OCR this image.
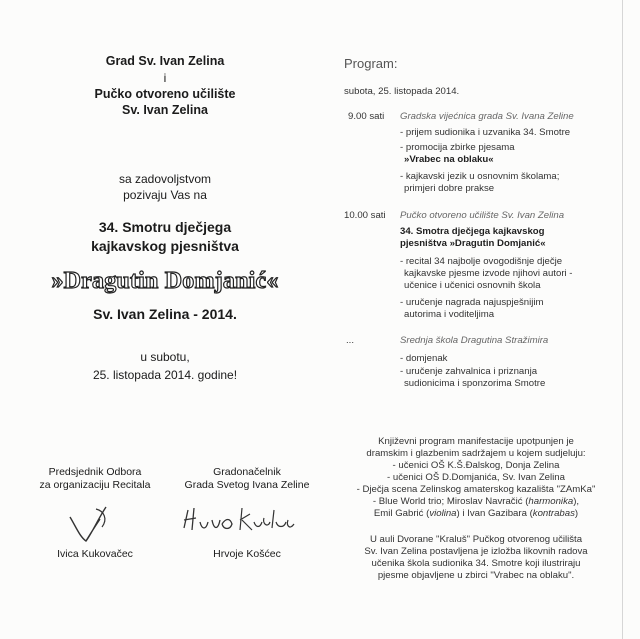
Grad Sv. Ivan Zelina
i
Pučko otvoreno učilište
Sv. Ivan Zelina
sa zadovoljstvom
pozivaju Vas na
34. Smotru dječjega
kajkavskog pjesništva
»Dragutin Domjanić«
Sv. Ivan Zelina - 2014.
u subotu,
25. listopada 2014. godine!
Predsjednik Odbora
za organizaciju Recitala
Ivica Kukovačec
Gradonačelnik
Grada Svetog Ivana Zeline
Hrvoje Košćec
Program:
subota, 25. listopada 2014.
9.00 sati Gradska vijećnica grada Sv. Ivana Zeline
- prijem sudionika i uzvanika 34. Smotre
- promocija zbirke pjesama
»Vrabec na oblaku«
- kajkavski jezik u osnovnim školama;
primjeri dobre prakse
10.00 sati Pučko otvoreno učilište Sv. Ivan Zelina
34. Smotra dječjega kajkavskog
pjesništva »Dragutin Domjanić«
- recital 34 najbolje ovogodišnje dječje
kajkavske pjesme izvode njihovi autori -
učenice i učenici osnovnih škola
- uručenje nagrada najuspješnijim
autorima i voditeljima
...	Srednja škola Dragutina Stražimira
- domjenak
- uručenje zahvalnica i priznanja
sudionicima i sponzorima Smotre
Književni program manifestacije upotpunjen je
dramskim i glazbenim sadržajem u kojem sudjeluju:
- učenici OŠ K.Š.Đalskog, Donja Zelina
- učenici OŠ D.Domjanića, Sv. Ivan Zelina
- Dječja scena Zelinskog amaterskog kazališta "ZAmKa"
- Blue World trio; Miroslav Navračić (harmonika),
Emil Gabrić (violina) i Ivan Gazibara (kontrabas)
U auli Dvorane "Kraluš" Pučkog otvorenog učilišta
Sv. Ivan Zelina postavljena je izložba likovnih radova
učenika škola sudionika 34. Smotre koji ilustriraju
pjesme objavljene u zbirci "Vrabec na oblaku".
